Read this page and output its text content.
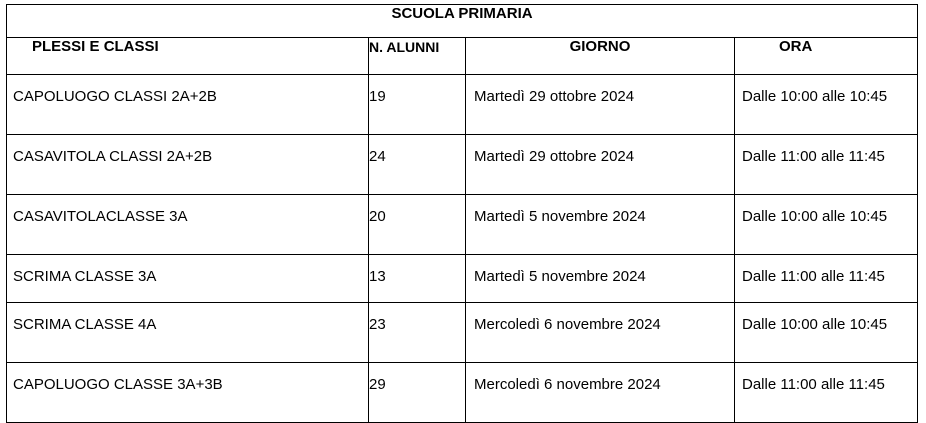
SCUOLA PRIMARIA			
PLESSI E CLASSI	N. ALUNNI	GIORNO	ORA
CAPOLUOGO CLASSI 2A+2B	19	Martedì 29 ottobre 2024	Dalle 10:00 alle 10:45
CASAVITOLA CLASSI 2A+2B	24	Martedì 29 ottobre 2024	Dalle 11:00 alle 11:45
CASAVITOLACLASSE 3A	20	Martedì 5 novembre 2024	Dalle 10:00 alle 10:45
SCRIMA CLASSE 3A	13	Martedì 5 novembre 2024	Dalle 11:00 alle 11:45
SCRIMA CLASSE 4A	23	Mercoledì 6 novembre 2024	Dalle 10:00 alle 10:45
CAPOLUOGO CLASSE 3A+3B	29	Mercoledì 6 novembre 2024	Dalle 11:00 alle 11:45
